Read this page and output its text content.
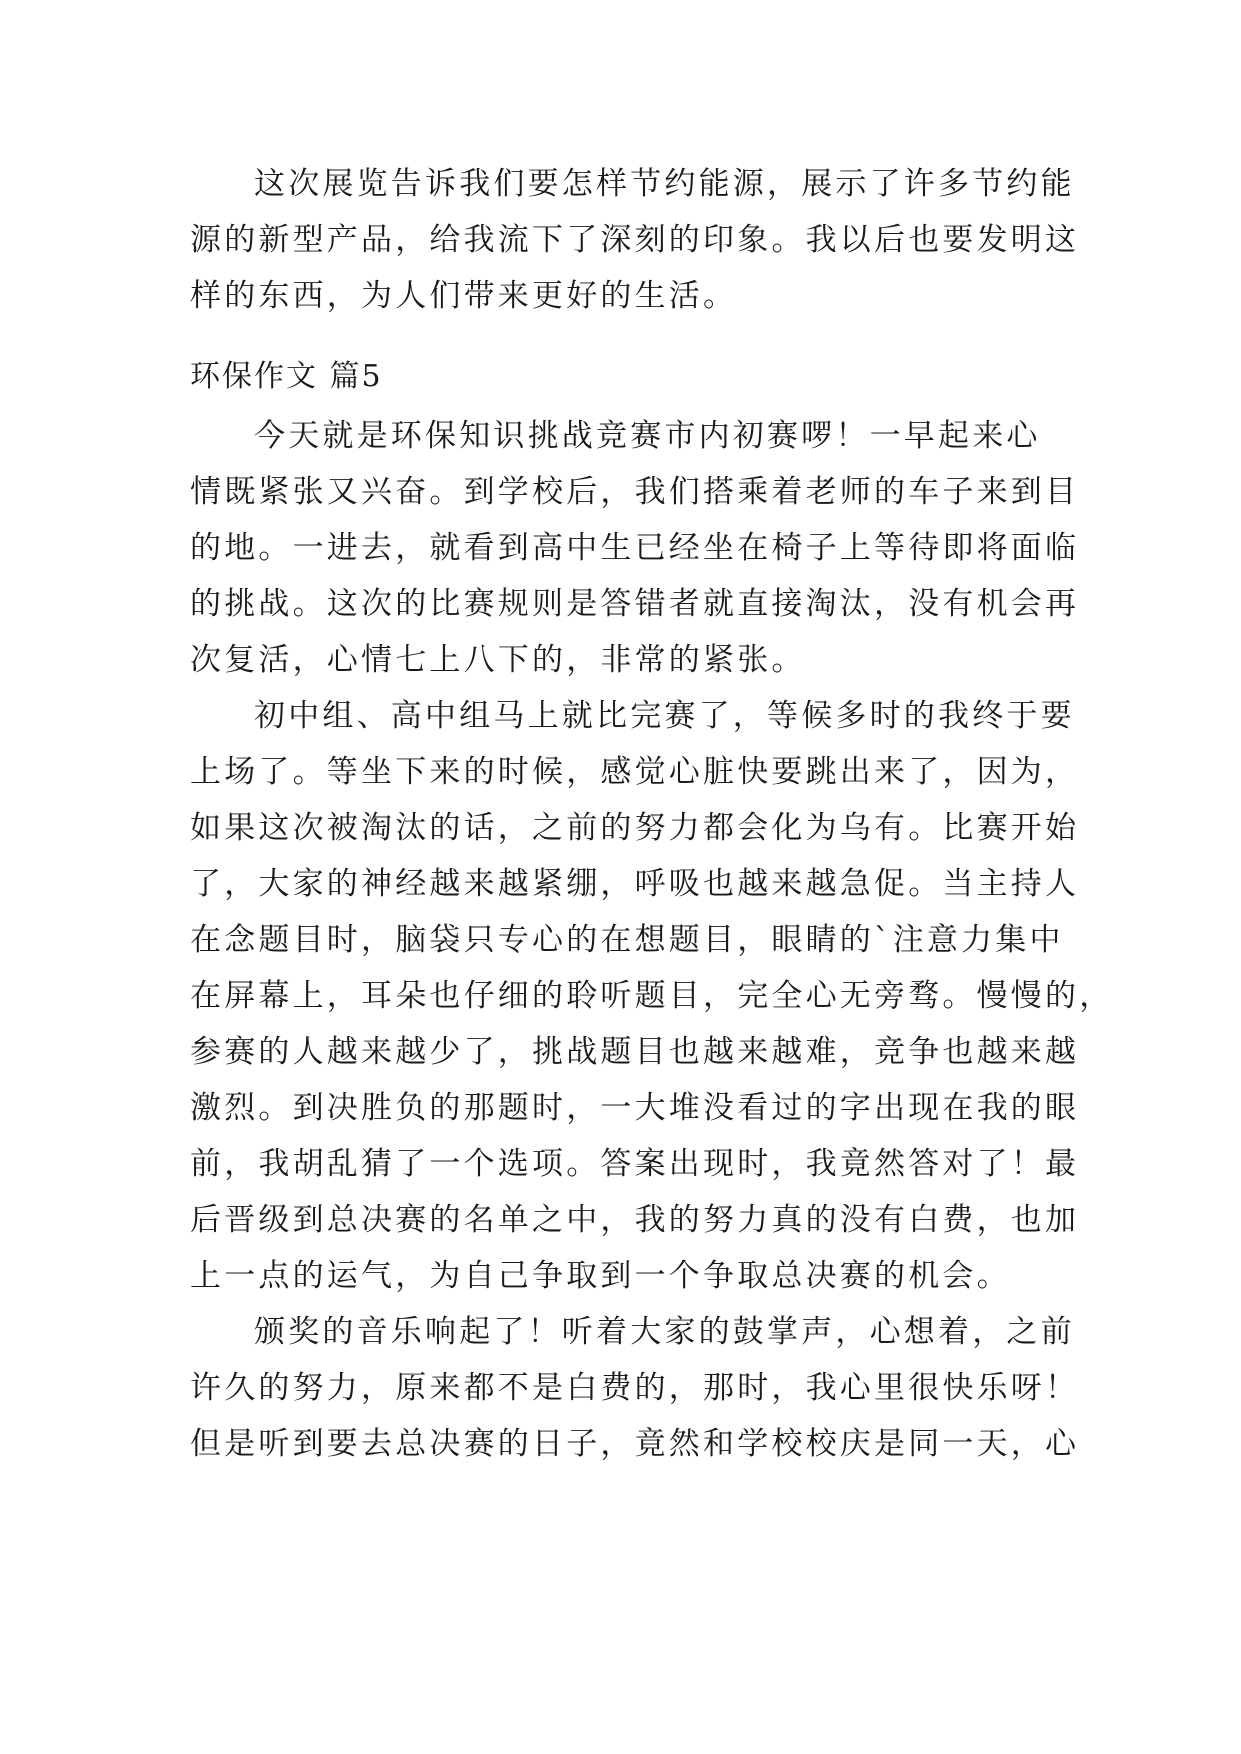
这次展览告诉我们要怎样节约能源，展示了许多节约能
源的新型产品，给我流下了深刻的印象。我以后也要发明这
样的东西，为人们带来更好的生活。
环保作文 篇5
今天就是环保知识挑战竞赛市内初赛啰！一早起来心
情既紧张又兴奋。到学校后，我们搭乘着老师的车子来到目
的地。一进去，就看到高中生已经坐在椅子上等待即将面临
的挑战。这次的比赛规则是答错者就直接淘汰，没有机会再
次复活，心情七上八下的，非常的紧张。
初中组、高中组马上就比完赛了，等候多时的我终于要
上场了。等坐下来的时候，感觉心脏快要跳出来了，因为，
如果这次被淘汰的话，之前的努力都会化为乌有。比赛开始
了，大家的神经越来越紧绷，呼吸也越来越急促。当主持人
在念题目时，脑袋只专心的在想题目，眼睛的`注意力集中
在屏幕上，耳朵也仔细的聆听题目，完全心无旁骛。慢慢的，
参赛的人越来越少了，挑战题目也越来越难，竞争也越来越
激烈。到决胜负的那题时，一大堆没看过的字出现在我的眼
前，我胡乱猜了一个选项。答案出现时，我竟然答对了！最
后晋级到总决赛的名单之中，我的努力真的没有白费，也加
上一点的运气，为自己争取到一个争取总决赛的机会。
颁奖的音乐响起了！听着大家的鼓掌声，心想着，之前
许久的努力，原来都不是白费的，那时，我心里很快乐呀！
但是听到要去总决赛的日子，竟然和学校校庆是同一天，心
